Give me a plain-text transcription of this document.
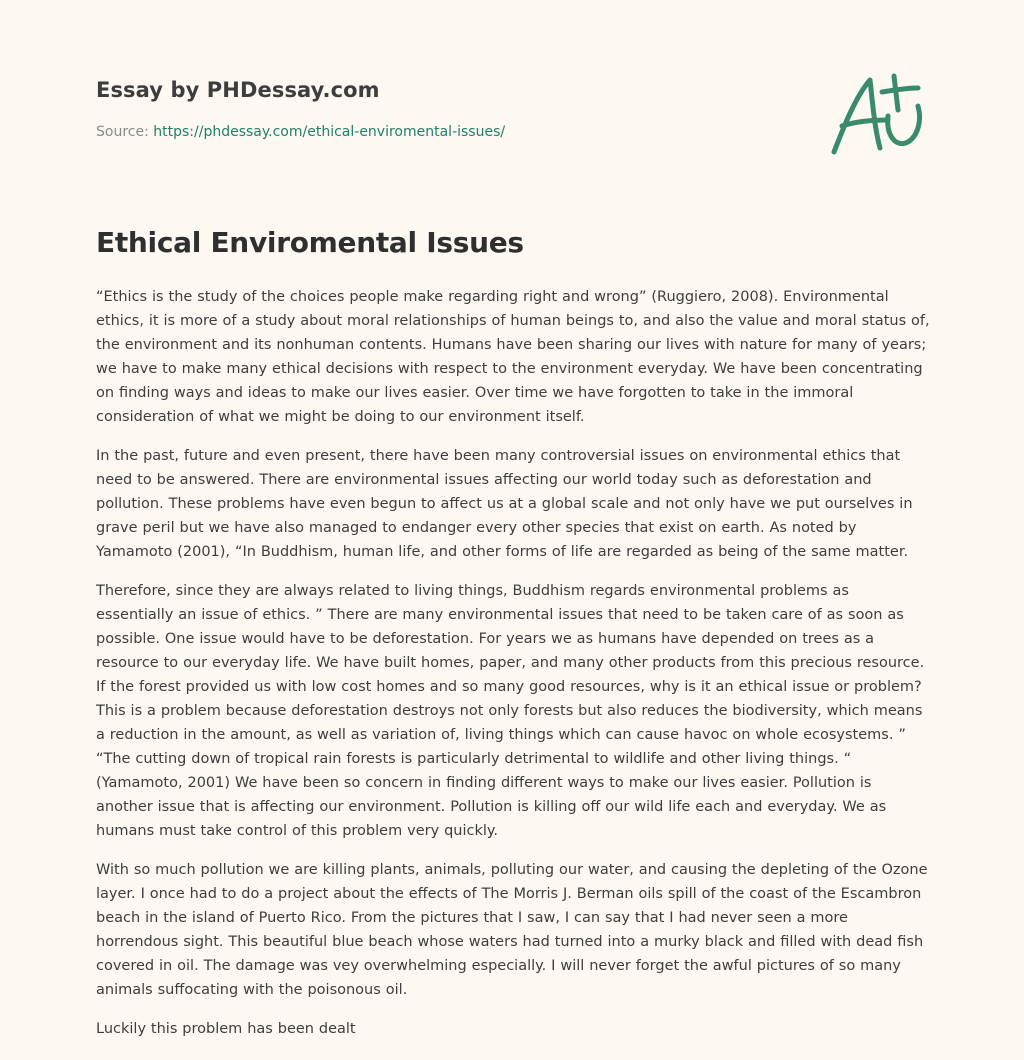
Essay by PHDessay.com
Source: https://phdessay.com/ethical-enviromental-issues/
Ethical Enviromental Issues

“Ethics is the study of the choices people make regarding right and wrong” (Ruggiero, 2008). Environmental ethics, it is more of a study about moral relationships of human beings to, and also the value and moral status of, the environment and its nonhuman contents. Humans have been sharing our lives with nature for many of years; we have to make many ethical decisions with respect to the environment everyday. We have been concentrating on finding ways and ideas to make our lives easier. Over time we have forgotten to take in the immoral consideration of what we might be doing to our environment itself.

In the past, future and even present, there have been many controversial issues on environmental ethics that need to be answered. There are environmental issues affecting our world today such as deforestation and pollution. These problems have even begun to affect us at a global scale and not only have we put ourselves in grave peril but we have also managed to endanger every other species that exist on earth. As noted by Yamamoto (2001), “In Buddhism, human life, and other forms of life are regarded as being of the same matter.

Therefore, since they are always related to living things, Buddhism regards environmental problems as essentially an issue of ethics. ” There are many environmental issues that need to be taken care of as soon as possible. One issue would have to be deforestation. For years we as humans have depended on trees as a resource to our everyday life. We have built homes, paper, and many other products from this precious resource. If the forest provided us with low cost homes and so many good resources, why is it an ethical issue or problem? This is a problem because deforestation destroys not only forests but also reduces the biodiversity, which means a reduction in the amount, as well as variation of, living things which can cause havoc on whole ecosystems. ” “The cutting down of tropical rain forests is particularly detrimental to wildlife and other living things. “ (Yamamoto, 2001) We have been so concern in finding different ways to make our lives easier. Pollution is another issue that is affecting our environment. Pollution is killing off our wild life each and everyday. We as humans must take control of this problem very quickly.

With so much pollution we are killing plants, animals, polluting our water, and causing the depleting of the Ozone layer. I once had to do a project about the effects of The Morris J. Berman oils spill of the coast of the Escambron beach in the island of Puerto Rico. From the pictures that I saw, I can say that I had never seen a more horrendous sight. This beautiful blue beach whose waters had turned into a murky black and filled with dead fish covered in oil. The damage was vey overwhelming especially. I will never forget the awful pictures of so many animals suffocating with the poisonous oil.

Luckily this problem has been dealt
